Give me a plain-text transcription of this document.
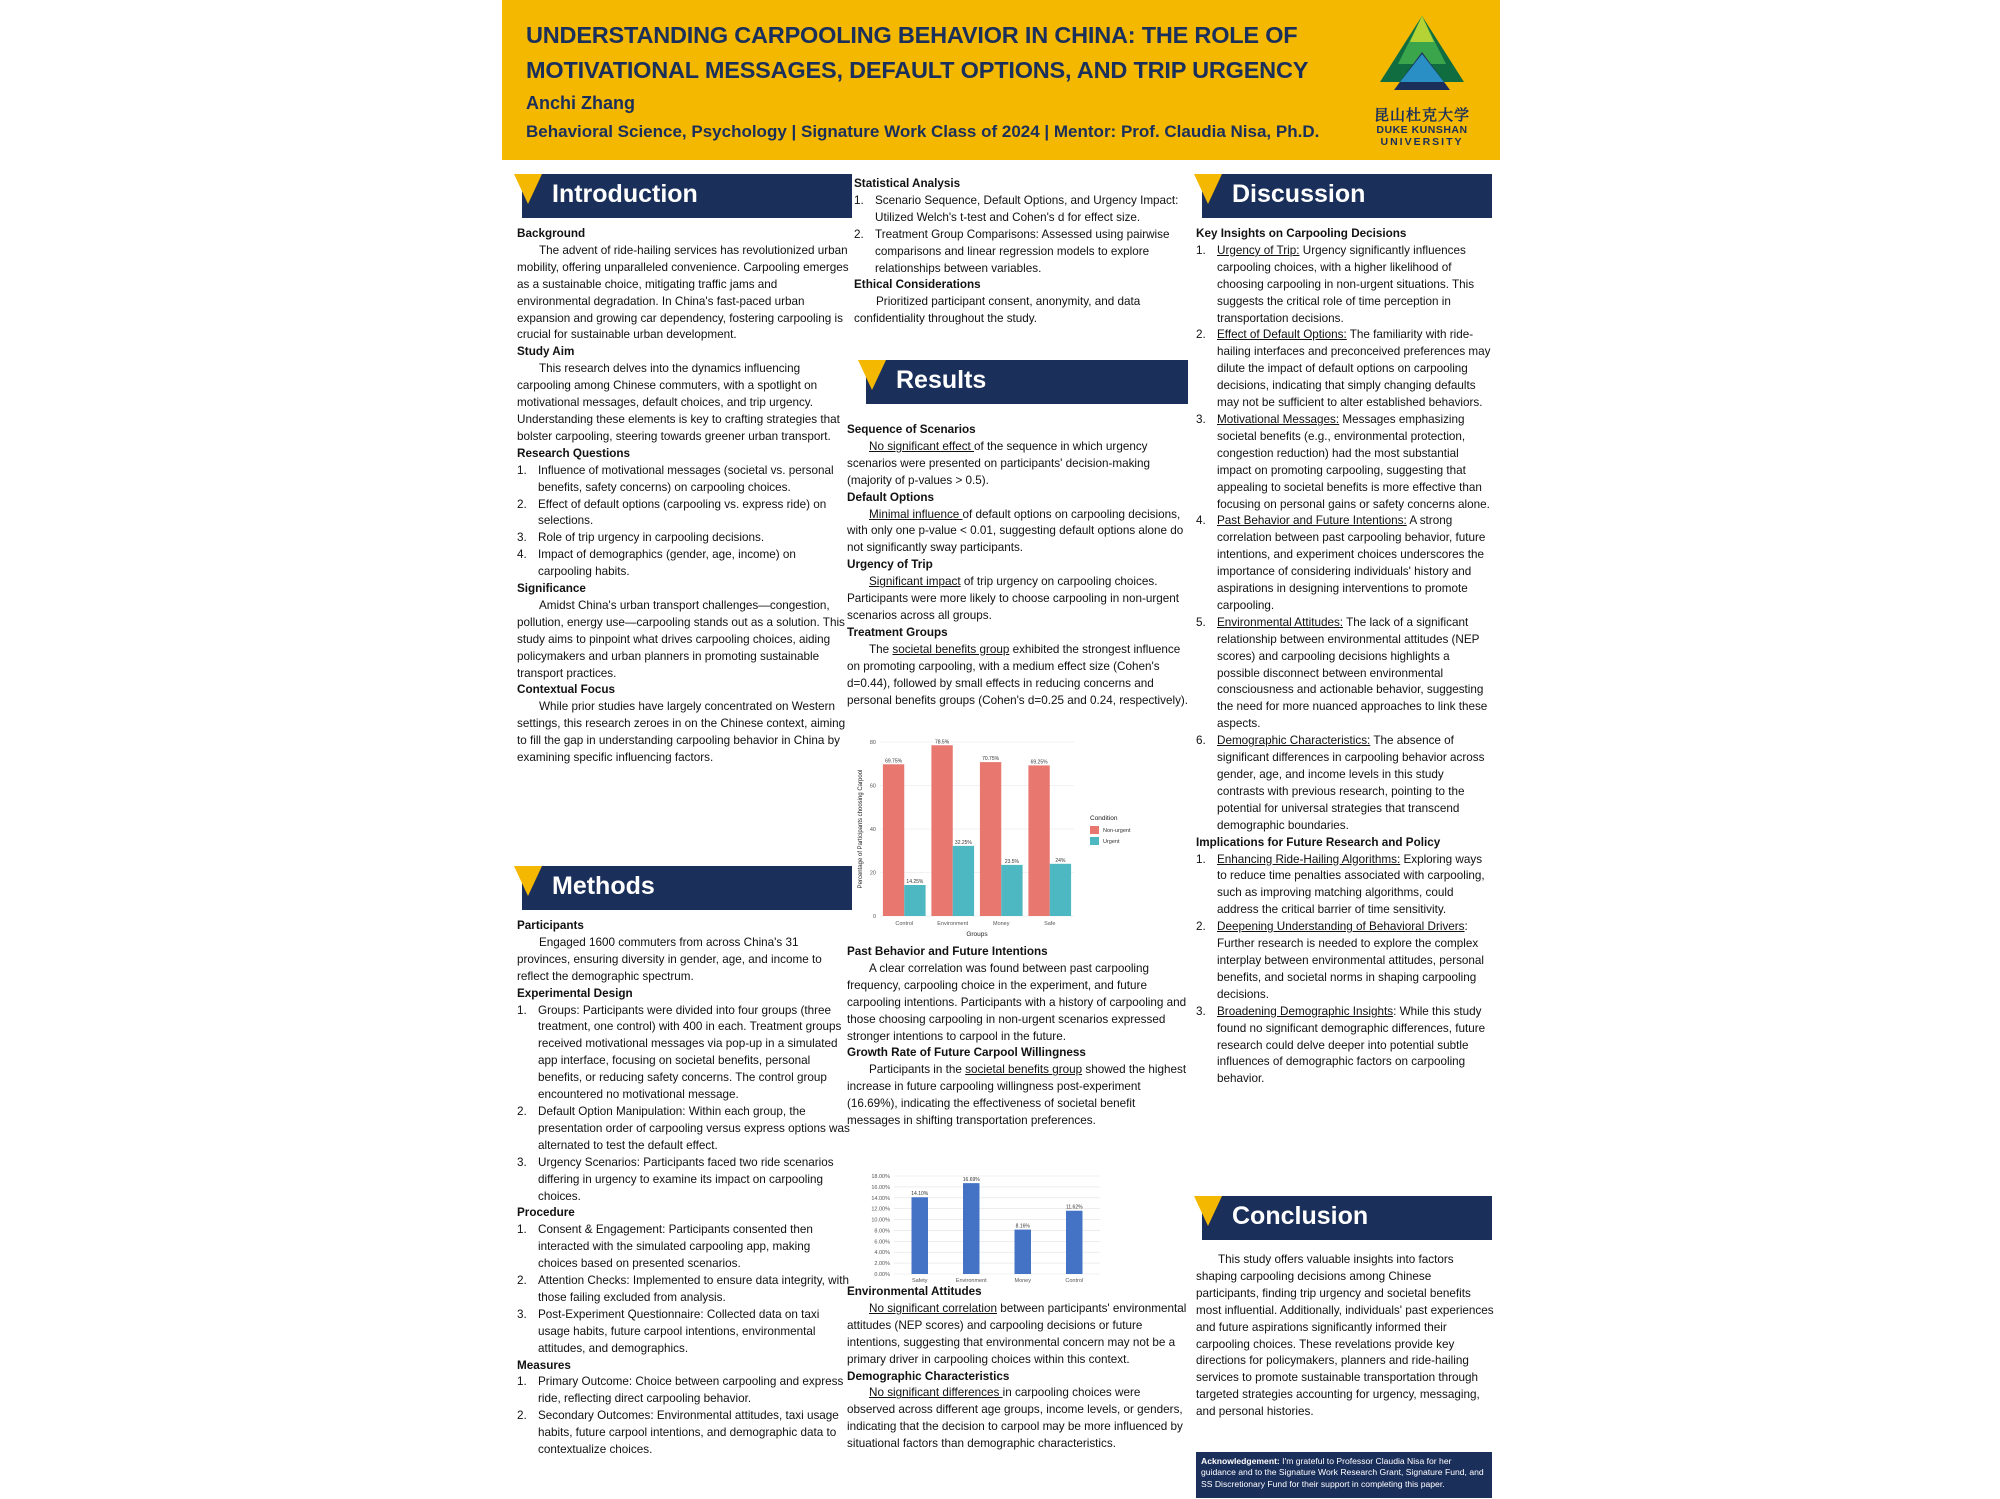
UNDERSTANDING CARPOOLING BEHAVIOR IN CHINA: THE ROLE OF
MOTIVATIONAL MESSAGES, DEFAULT OPTIONS, AND TRIP URGENCY
Anchi Zhang
Behavioral Science, Psychology | Signature Work Class of 2024 | Mentor: Prof. Claudia Nisa, Ph.D.
昆山杜克大学
DUKE KUNSHAN
UNIVERSITY
Introduction
Background
The advent of ride-hailing services has revolutionized urban mobility, offering unparalleled convenience. Carpooling emerges as a sustainable choice, mitigating traffic jams and environmental degradation. In China's fast-paced urban expansion and growing car dependency, fostering carpooling is crucial for sustainable urban development.
Study Aim
This research delves into the dynamics influencing carpooling among Chinese commuters, with a spotlight on motivational messages, default choices, and trip urgency. Understanding these elements is key to crafting strategies that bolster carpooling, steering towards greener urban transport.
Research Questions
1. Influence of motivational messages (societal vs. personal benefits, safety concerns) on carpooling choices.
2. Effect of default options (carpooling vs. express ride) on selections.
3. Role of trip urgency in carpooling decisions.
4. Impact of demographics (gender, age, income) on carpooling habits.
Significance
Amidst China's urban transport challenges—congestion, pollution, energy use—carpooling stands out as a solution. This study aims to pinpoint what drives carpooling choices, aiding policymakers and urban planners in promoting sustainable transport practices.
Contextual Focus
While prior studies have largely concentrated on Western settings, this research zeroes in on the Chinese context, aiming to fill the gap in understanding carpooling behavior in China by examining specific influencing factors.
Methods
Participants
Engaged 1600 commuters from across China's 31 provinces, ensuring diversity in gender, age, and income to reflect the demographic spectrum.
Experimental Design
1. Groups: Participants were divided into four groups (three treatment, one control) with 400 in each. Treatment groups received motivational messages via pop-up in a simulated app interface, focusing on societal benefits, personal benefits, or reducing safety concerns. The control group encountered no motivational message.
2. Default Option Manipulation: Within each group, the presentation order of carpooling versus express options was alternated to test the default effect.
3. Urgency Scenarios: Participants faced two ride scenarios differing in urgency to examine its impact on carpooling choices.
Procedure
1. Consent & Engagement: Participants consented then interacted with the simulated carpooling app, making choices based on presented scenarios.
2. Attention Checks: Implemented to ensure data integrity, with those failing excluded from analysis.
3. Post-Experiment Questionnaire: Collected data on taxi usage habits, future carpool intentions, environmental attitudes, and demographics.
Measures
1. Primary Outcome: Choice between carpooling and express ride, reflecting direct carpooling behavior.
2. Secondary Outcomes: Environmental attitudes, taxi usage habits, future carpool intentions, and demographic data to contextualize choices.
Statistical Analysis
1. Scenario Sequence, Default Options, and Urgency Impact: Utilized Welch's t-test and Cohen's d for effect size.
2. Treatment Group Comparisons: Assessed using pairwise comparisons and linear regression models to explore relationships between variables.
Ethical Considerations
Prioritized participant consent, anonymity, and data confidentiality throughout the study.
Results
Sequence of Scenarios
No significant effect of the sequence in which urgency scenarios were presented on participants' decision-making (majority of p-values > 0.5).
Default Options
Minimal influence of default options on carpooling decisions, with only one p-value < 0.01, suggesting default options alone do not significantly sway participants.
Urgency of Trip
Significant impact of trip urgency on carpooling choices. Participants were more likely to choose carpooling in non-urgent scenarios across all groups.
Treatment Groups
The societal benefits group exhibited the strongest influence on promoting carpooling, with a medium effect size (Cohen's d=0.44), followed by small effects in reducing concerns and personal benefits groups (Cohen's d=0.25 and 0.24, respectively).
0
20
40
60
80
69.75%
14.25%
Control
78.5%
32.25%
Environment
70.75%
23.5%
Money
69.25%
24%
Safe
Groups
Percentage of Participants choosing Carpool	Condition
Non-urgent
Urgent
Past Behavior and Future Intentions
A clear correlation was found between past carpooling frequency, carpooling choice in the experiment, and future carpooling intentions. Participants with a history of carpooling and those choosing carpooling in non-urgent scenarios expressed stronger intentions to carpool in the future.
Growth Rate of Future Carpool Willingness
Participants in the societal benefits group showed the highest increase in future carpooling willingness post-experiment (16.69%), indicating the effectiveness of societal benefit messages in shifting transportation preferences.
0.00%
2.00%
4.00%
6.00%
8.00%
10.00%
12.00%
14.00%
16.00%
18.00%
14.10%
Safety
16.69%
Environment
8.16%
Money
11.62%
Control
Environmental Attitudes
No significant correlation between participants' environmental attitudes (NEP scores) and carpooling decisions or future intentions, suggesting that environmental concern may not be a primary driver in carpooling choices within this context.
Demographic Characteristics
No significant differences in carpooling choices were observed across different age groups, income levels, or genders, indicating that the decision to carpool may be more influenced by situational factors than demographic characteristics.
Discussion
Key Insights on Carpooling Decisions
1. Urgency of Trip: Urgency significantly influences carpooling choices, with a higher likelihood of choosing carpooling in non-urgent situations. This suggests the critical role of time perception in transportation decisions.
2. Effect of Default Options: The familiarity with ride-hailing interfaces and preconceived preferences may dilute the impact of default options on carpooling decisions, indicating that simply changing defaults may not be sufficient to alter established behaviors.
3. Motivational Messages: Messages emphasizing societal benefits (e.g., environmental protection, congestion reduction) had the most substantial impact on promoting carpooling, suggesting that appealing to societal benefits is more effective than focusing on personal gains or safety concerns alone.
4. Past Behavior and Future Intentions: A strong correlation between past carpooling behavior, future intentions, and experiment choices underscores the importance of considering individuals' history and aspirations in designing interventions to promote carpooling.
5. Environmental Attitudes: The lack of a significant relationship between environmental attitudes (NEP scores) and carpooling decisions highlights a possible disconnect between environmental consciousness and actionable behavior, suggesting the need for more nuanced approaches to link these aspects.
6. Demographic Characteristics: The absence of significant differences in carpooling behavior across gender, age, and income levels in this study contrasts with previous research, pointing to the potential for universal strategies that transcend demographic boundaries.
Implications for Future Research and Policy
1. Enhancing Ride-Hailing Algorithms: Exploring ways to reduce time penalties associated with carpooling, such as improving matching algorithms, could address the critical barrier of time sensitivity.
2. Deepening Understanding of Behavioral Drivers: Further research is needed to explore the complex interplay between environmental attitudes, personal benefits, and societal norms in shaping carpooling decisions.
3. Broadening Demographic Insights: While this study found no significant demographic differences, future research could delve deeper into potential subtle influences of demographic factors on carpooling behavior.
Conclusion
This study offers valuable insights into factors shaping carpooling decisions among Chinese participants, finding trip urgency and societal benefits most influential. Additionally, individuals' past experiences and future aspirations significantly informed their carpooling choices. These revelations provide key directions for policymakers, planners and ride-hailing services to promote sustainable transportation through targeted strategies accounting for urgency, messaging, and personal histories.
Acknowledgement: I'm grateful to Professor Claudia Nisa for her guidance and to the Signature Work Research Grant, Signature Fund, and SS Discretionary Fund for their support in completing this paper.
